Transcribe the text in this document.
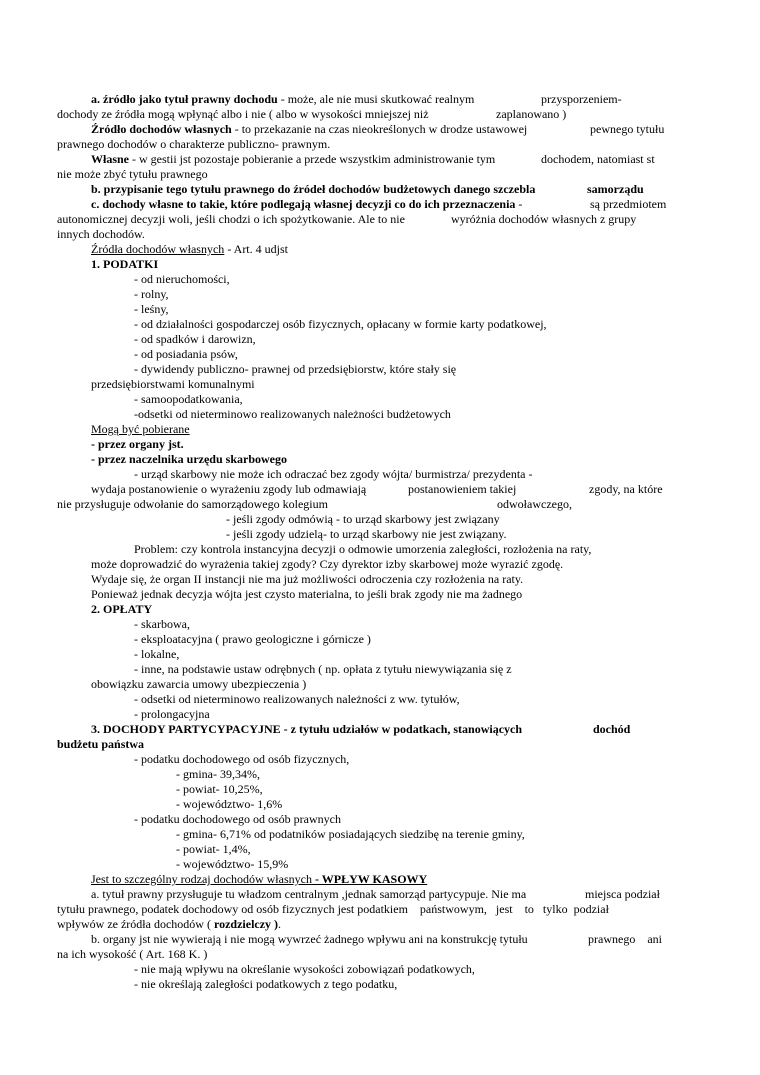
a. źródło jako tytuł prawny dochodu - może, ale nie musi skutkować realnym	przysporzeniem-
dochody ze źródła mogą wpłynąć albo i nie ( albo w wysokości mniejszej niż	zaplanowano )
Źródło dochodów własnych - to przekazanie na czas nieokreślonych w drodze ustawowej	pewnego tytułu
prawnego dochodów o charakterze publiczno- prawnym.
Własne - w gestii jst pozostaje pobieranie a przede wszystkim administrowanie tym	dochodem, natomiast st
nie może zbyć tytułu prawnego
b. przypisanie tego tytułu prawnego do źródeł dochodów budżetowych danego szczebla	samorządu
c. dochody własne to takie, które podlegają własnej decyzji co do ich przeznaczenia -	są przedmiotem
autonomicznej decyzji woli, jeśli chodzi o ich spożytkowanie. Ale to nie	wyróżnia dochodów własnych z grupy
innych dochodów.
Źródła dochodów własnych - Art. 4 udjst
1. PODATKI
- od nieruchomości,
- rolny,
- leśny,
- od działalności gospodarczej osób fizycznych, opłacany w formie karty podatkowej,
- od spadków i darowizn,
- od posiadania psów,
- dywidendy publiczno- prawnej od przedsiębiorstw, które stały się
przedsiębiorstwami komunalnymi
- samoopodatkowania,
-odsetki od nieterminowo realizowanych należności budżetowych
Mogą być pobierane
- przez organy jst.
- przez naczelnika urzędu skarbowego
- urząd skarbowy nie może ich odraczać bez zgody wójta/ burmistrza/ prezydenta -
wydaja postanowienie o wyrażeniu zgody lub odmawiają	postanowieniem takiej	zgody, na które
nie przysługuje odwołanie do samorządowego kolegium	odwoławczego,
- jeśli zgody odmówią - to urząd skarbowy jest związany
- jeśli zgody udzielą- to urząd skarbowy nie jest związany.
Problem: czy kontrola instancyjna decyzji o odmowie umorzenia zaległości, rozłożenia na raty,
może doprowadzić do wyrażenia takiej zgody? Czy dyrektor izby skarbowej może wyrazić zgodę.
Wydaje się, że organ II instancji nie ma już możliwości odroczenia czy rozłożenia na raty.
Ponieważ jednak decyzja wójta jest czysto materialna, to jeśli brak zgody nie ma żadnego
2. OPŁATY
- skarbowa,
- eksploatacyjna ( prawo geologiczne i górnicze )
- lokalne,
- inne, na podstawie ustaw odrębnych ( np. opłata z tytułu niewywiązania się z
obowiązku zawarcia umowy ubezpieczenia )
- odsetki od nieterminowo realizowanych należności z ww. tytułów,
- prolongacyjna
3. DOCHODY PARTYCYPACYJNE - z tytułu udziałów w podatkach, stanowiących	dochód
budżetu państwa
- podatku dochodowego od osób fizycznych,
- gmina- 39,34%,
- powiat- 10,25%,
- województwo- 1,6%
- podatku dochodowego od osób prawnych
- gmina- 6,71% od podatników posiadających siedzibę na terenie gminy,
- powiat- 1,4%,
- województwo- 15,9%
Jest to szczególny rodzaj dochodów własnych - WPŁYW KASOWY
a. tytuł prawny przysługuje tu władzom centralnym ,jednak samorząd partycypuje. Nie ma	miejsca podział
tytułu prawnego, podatek dochodowy od osób fizycznych jest podatkiem    państwowym,   jest    to   tylko  podział
wpływów ze źródła dochodów ( rozdzielczy ).
b. organy jst nie wywierają i nie mogą wywrzeć żadnego wpływu ani na konstrukcję tytułu	prawnego    ani
na ich wysokość ( Art. 168 K. )
- nie mają wpływu na określanie wysokości zobowiązań podatkowych,
- nie określają zaległości podatkowych z tego podatku,
